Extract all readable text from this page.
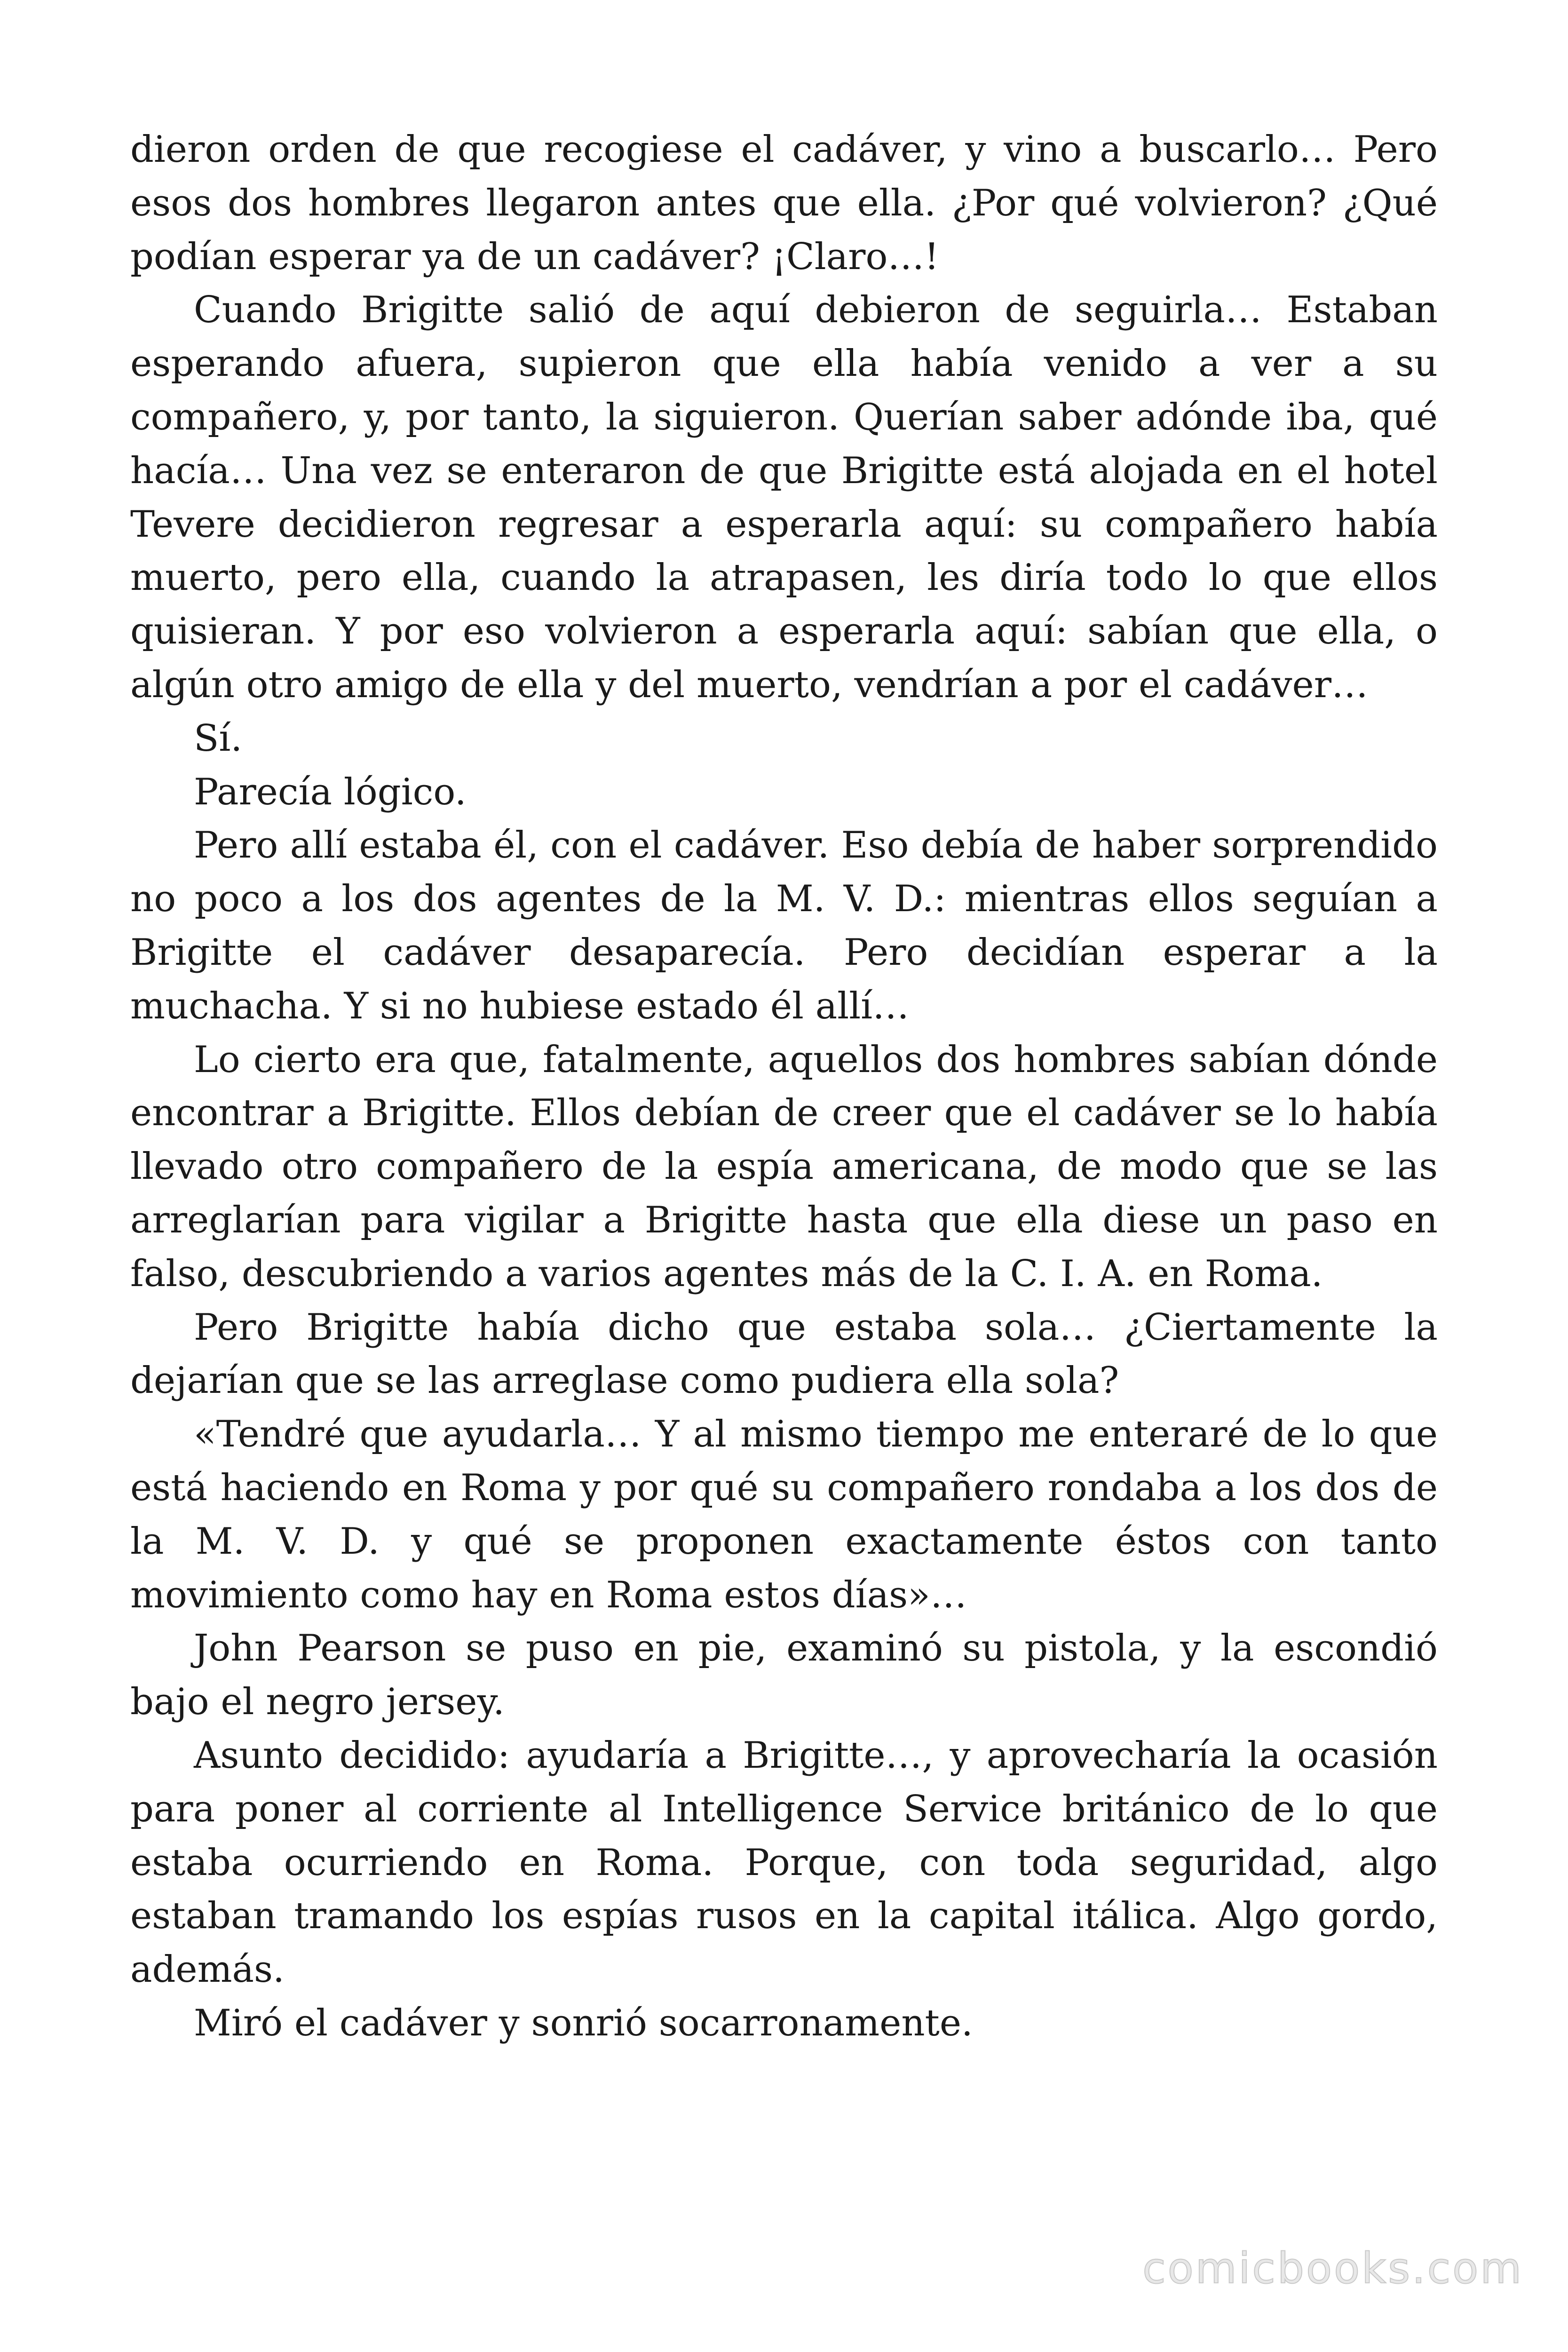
dieron orden de que recogiese el cadáver, y vino a buscarlo… Pero esos dos hombres llegaron antes que ella. ¿Por qué volvieron? ¿Qué podían esperar ya de un cadáver? ¡Claro…!

Cuando Brigitte salió de aquí debieron de seguirla… Estaban esperando afuera, supieron que ella había venido a ver a su compañero, y, por tanto, la siguieron. Querían saber adónde iba, qué hacía… Una vez se enteraron de que Brigitte está alojada en el hotel Tevere decidieron regresar a esperarla aquí: su compañero había muerto, pero ella, cuando la atrapasen, les diría todo lo que ellos quisieran. Y por eso volvieron a esperarla aquí: sabían que ella, o algún otro amigo de ella y del muerto, vendrían a por el cadáver…

Sí.

Parecía lógico.

Pero allí estaba él, con el cadáver. Eso debía de haber sorprendido no poco a los dos agentes de la M. V. D.: mientras ellos seguían a Brigitte el cadáver desaparecía. Pero decidían esperar a la muchacha. Y si no hubiese estado él allí…

Lo cierto era que, fatalmente, aquellos dos hombres sabían dónde encontrar a Brigitte. Ellos debían de creer que el cadáver se lo había llevado otro compañero de la espía americana, de modo que se las arreglarían para vigilar a Brigitte hasta que ella diese un paso en falso, descubriendo a varios agentes más de la C. I. A. en Roma.

Pero Brigitte había dicho que estaba sola… ¿Ciertamente la dejarían que se las arreglase como pudiera ella sola?

«Tendré que ayudarla… Y al mismo tiempo me enteraré de lo que está haciendo en Roma y por qué su compañero rondaba a los dos de la M. V. D. y qué se proponen exactamente éstos con tanto movimiento como hay en Roma estos días»…

John Pearson se puso en pie, examinó su pistola, y la escondió bajo el negro jersey.

Asunto decidido: ayudaría a Brigitte…, y aprovecharía la ocasión para poner al corriente al Intelligence Service británico de lo que estaba ocurriendo en Roma. Porque, con toda seguridad, algo estaban tramando los espías rusos en la capital itálica. Algo gordo, además.

Miró el cadáver y sonrió socarronamente.

comicbooks.com
